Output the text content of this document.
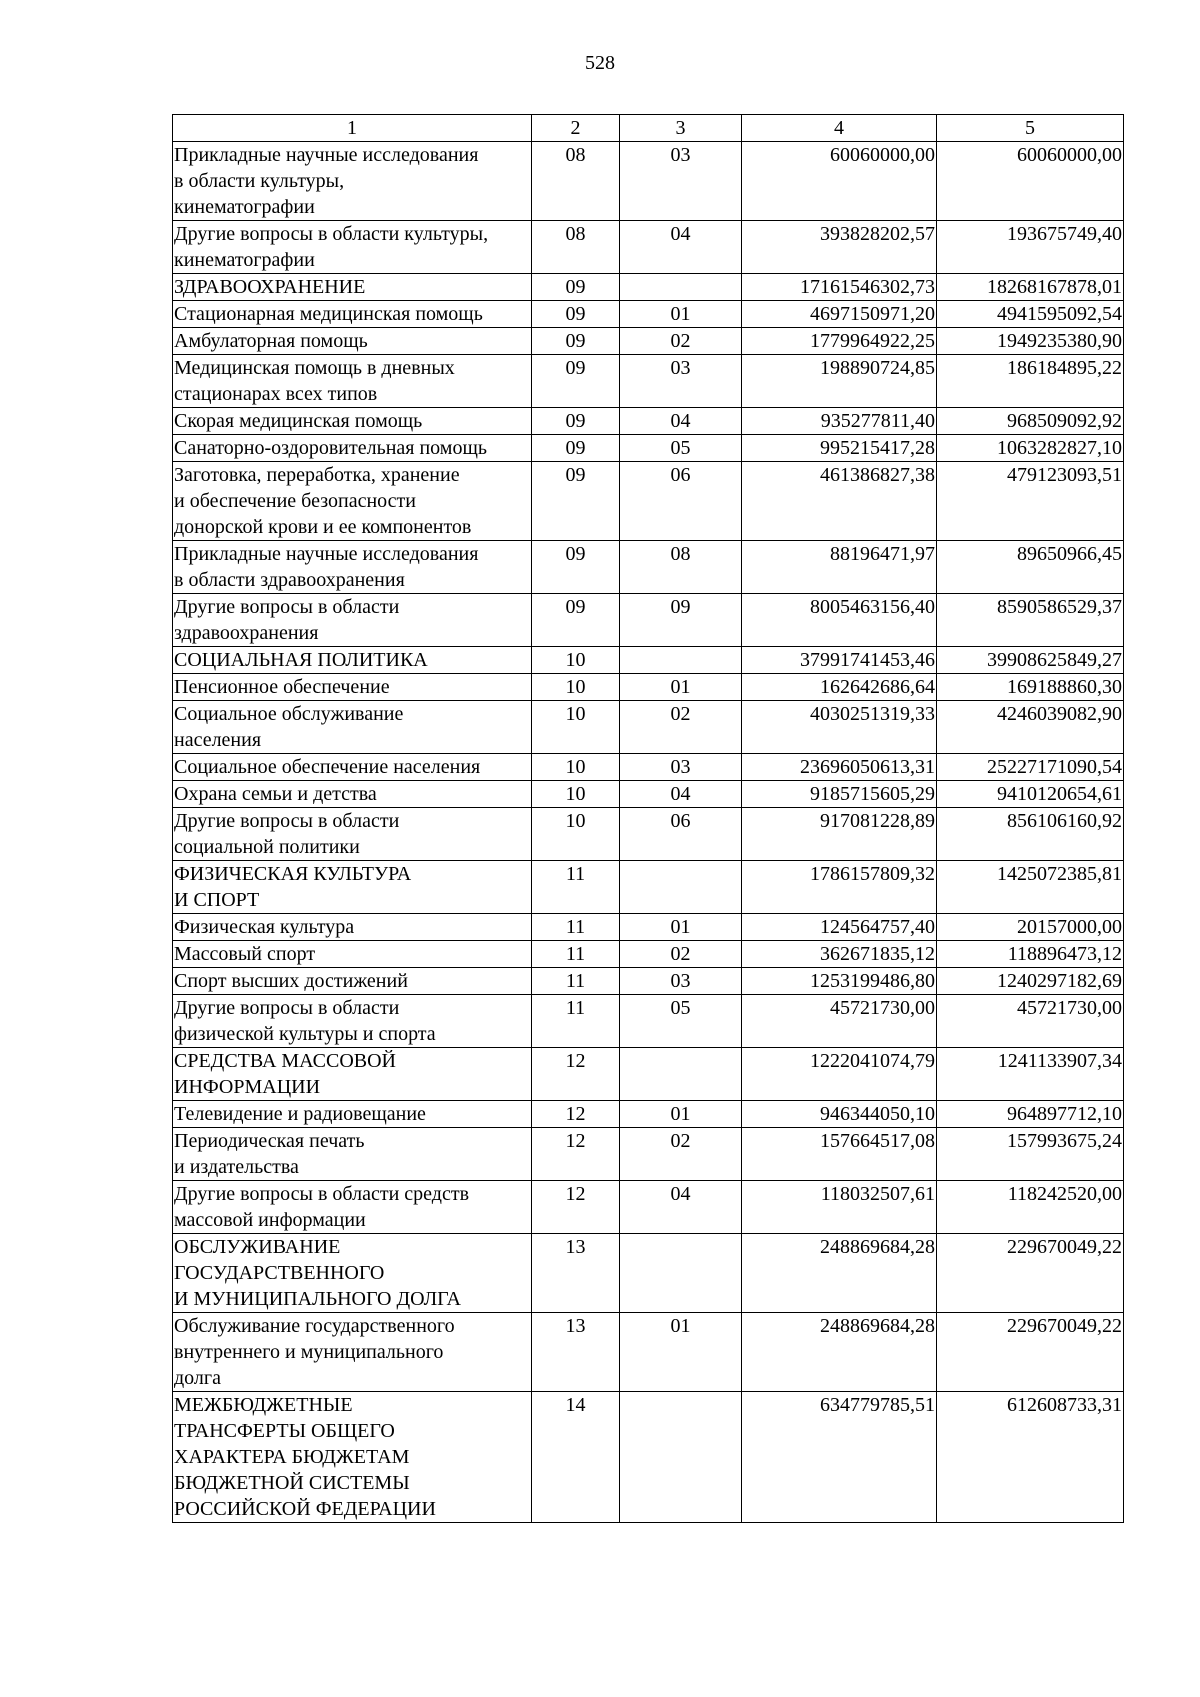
528
1	2	3	4	5
Прикладные научные исследования
в области культуры,
кинематографии	08	03	60060000,00	60060000,00
Другие вопросы в области культуры,
кинематографии	08	04	393828202,57	193675749,40
ЗДРАВООХРАНЕНИЕ	09		17161546302,73	18268167878,01
Стационарная медицинская помощь	09	01	4697150971,20	4941595092,54
Амбулаторная помощь	09	02	1779964922,25	1949235380,90
Медицинская помощь в дневных
стационарах всех типов	09	03	198890724,85	186184895,22
Скорая медицинская помощь	09	04	935277811,40	968509092,92
Санаторно-оздоровительная помощь	09	05	995215417,28	1063282827,10
Заготовка, переработка, хранение
и обеспечение безопасности
донорской крови и ее компонентов	09	06	461386827,38	479123093,51
Прикладные научные исследования
в области здравоохранения	09	08	88196471,97	89650966,45
Другие вопросы в области
здравоохранения	09	09	8005463156,40	8590586529,37
СОЦИАЛЬНАЯ ПОЛИТИКА	10		37991741453,46	39908625849,27
Пенсионное обеспечение	10	01	162642686,64	169188860,30
Социальное обслуживание
населения	10	02	4030251319,33	4246039082,90
Социальное обеспечение населения	10	03	23696050613,31	25227171090,54
Охрана семьи и детства	10	04	9185715605,29	9410120654,61
Другие вопросы в области
социальной политики	10	06	917081228,89	856106160,92
ФИЗИЧЕСКАЯ КУЛЬТУРА
И СПОРТ	11		1786157809,32	1425072385,81
Физическая культура	11	01	124564757,40	20157000,00
Массовый спорт	11	02	362671835,12	118896473,12
Спорт высших достижений	11	03	1253199486,80	1240297182,69
Другие вопросы в области
физической культуры и спорта	11	05	45721730,00	45721730,00
СРЕДСТВА МАССОВОЙ
ИНФОРМАЦИИ	12		1222041074,79	1241133907,34
Телевидение и радиовещание	12	01	946344050,10	964897712,10
Периодическая печать
и издательства	12	02	157664517,08	157993675,24
Другие вопросы в области средств
массовой информации	12	04	118032507,61	118242520,00
ОБСЛУЖИВАНИЕ
ГОСУДАРСТВЕННОГО
И МУНИЦИПАЛЬНОГО ДОЛГА	13		248869684,28	229670049,22
Обслуживание государственного
внутреннего и муниципального
долга	13	01	248869684,28	229670049,22
МЕЖБЮДЖЕТНЫЕ
ТРАНСФЕРТЫ ОБЩЕГО
ХАРАКТЕРА БЮДЖЕТАМ
БЮДЖЕТНОЙ СИСТЕМЫ
РОССИЙСКОЙ ФЕДЕРАЦИИ	14		634779785,51	612608733,31
